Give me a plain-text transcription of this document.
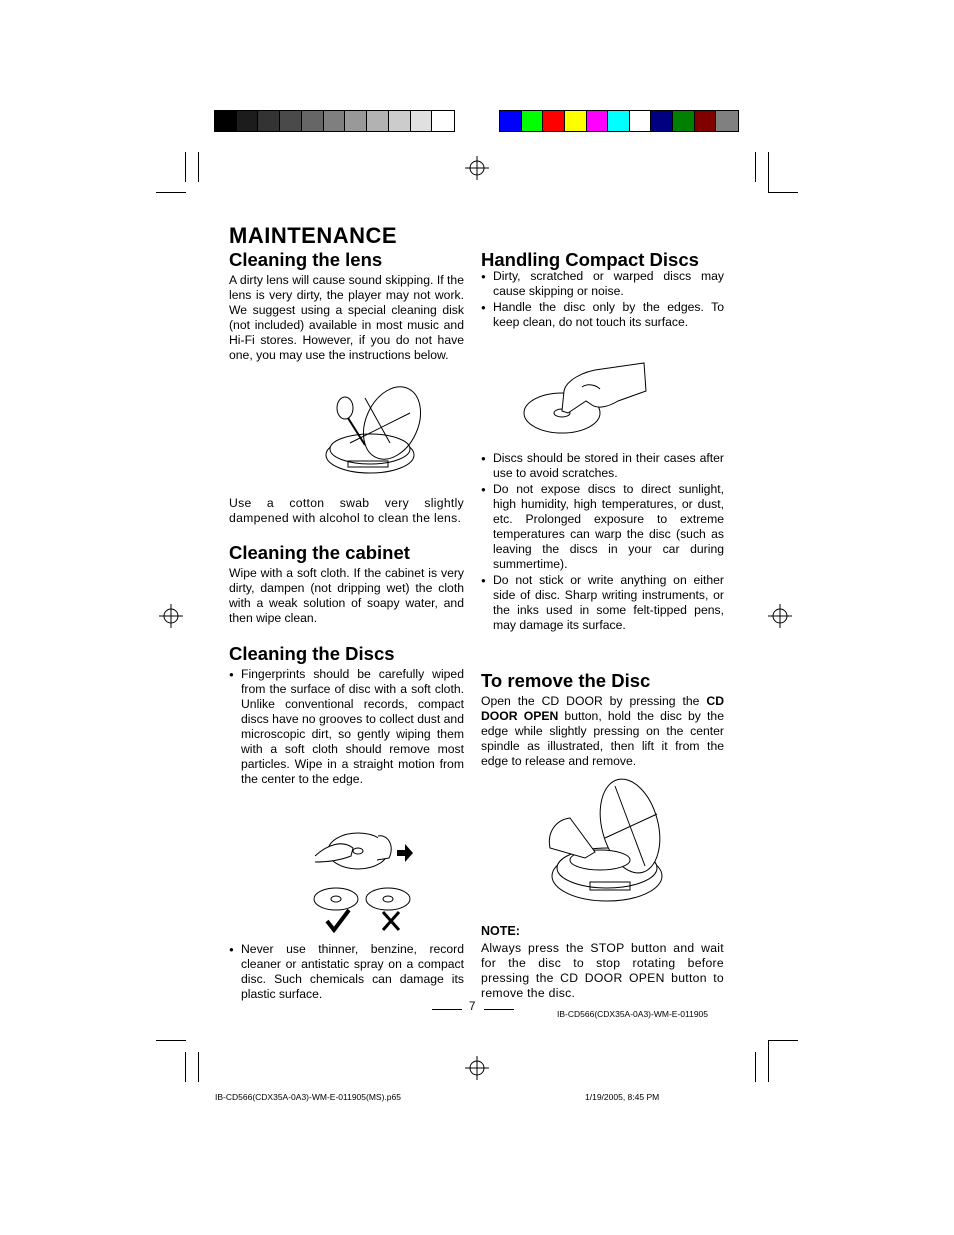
MAINTENANCE
Cleaning the lens
A dirty lens will cause sound skipping. If the lens is very dirty, the player may not work. We suggest using a special cleaning disk (not included) available in most music and Hi-Fi stores. However, if you do not have one, you may use the instructions below.
Use a cotton swab very slightly dampened with alcohol to clean the lens.
Cleaning the cabinet
Wipe with a soft cloth. If the cabinet is very dirty, dampen (not dripping wet) the cloth with a weak solution of soapy water, and then wipe clean.
Cleaning the Discs
● Fingerprints should be carefully wiped from the surface of disc with a soft cloth. Unlike conventional records, compact discs have no grooves to collect dust and microscopic dirt, so gently wiping them with a soft cloth should remove most particles. Wipe in a straight motion from the center to the edge.
● Never use thinner, benzine, record cleaner or antistatic spray on a compact disc. Such chemicals can damage its plastic surface.
Handling Compact Discs
● Dirty, scratched or warped discs may cause skipping or noise.
● Handle the disc only by the edges. To keep clean, do not touch its surface.
● Discs should be stored in their cases after use to avoid scratches.
● Do not expose discs to direct sunlight, high humidity, high temperatures, or dust, etc. Prolonged exposure to extreme temperatures can warp the disc (such as leaving the discs in your car during summertime).
● Do not stick or write anything on either side of disc. Sharp writing instruments, or the inks used in some felt-tipped pens, may damage its surface.
To remove the Disc
Open the CD DOOR by pressing the CD DOOR OPEN button, hold the disc by the edge while slightly pressing on the center spindle as illustrated, then lift it from the edge to release and remove.
NOTE:
Always press the STOP button and wait for the disc to stop rotating before pressing the CD DOOR OPEN button to remove the disc.
7
IB-CD566(CDX35A-0A3)-WM-E-011905
IB-CD566(CDX35A-0A3)-WM-E-011905(MS).p65	1/19/2005, 8:45 PM
